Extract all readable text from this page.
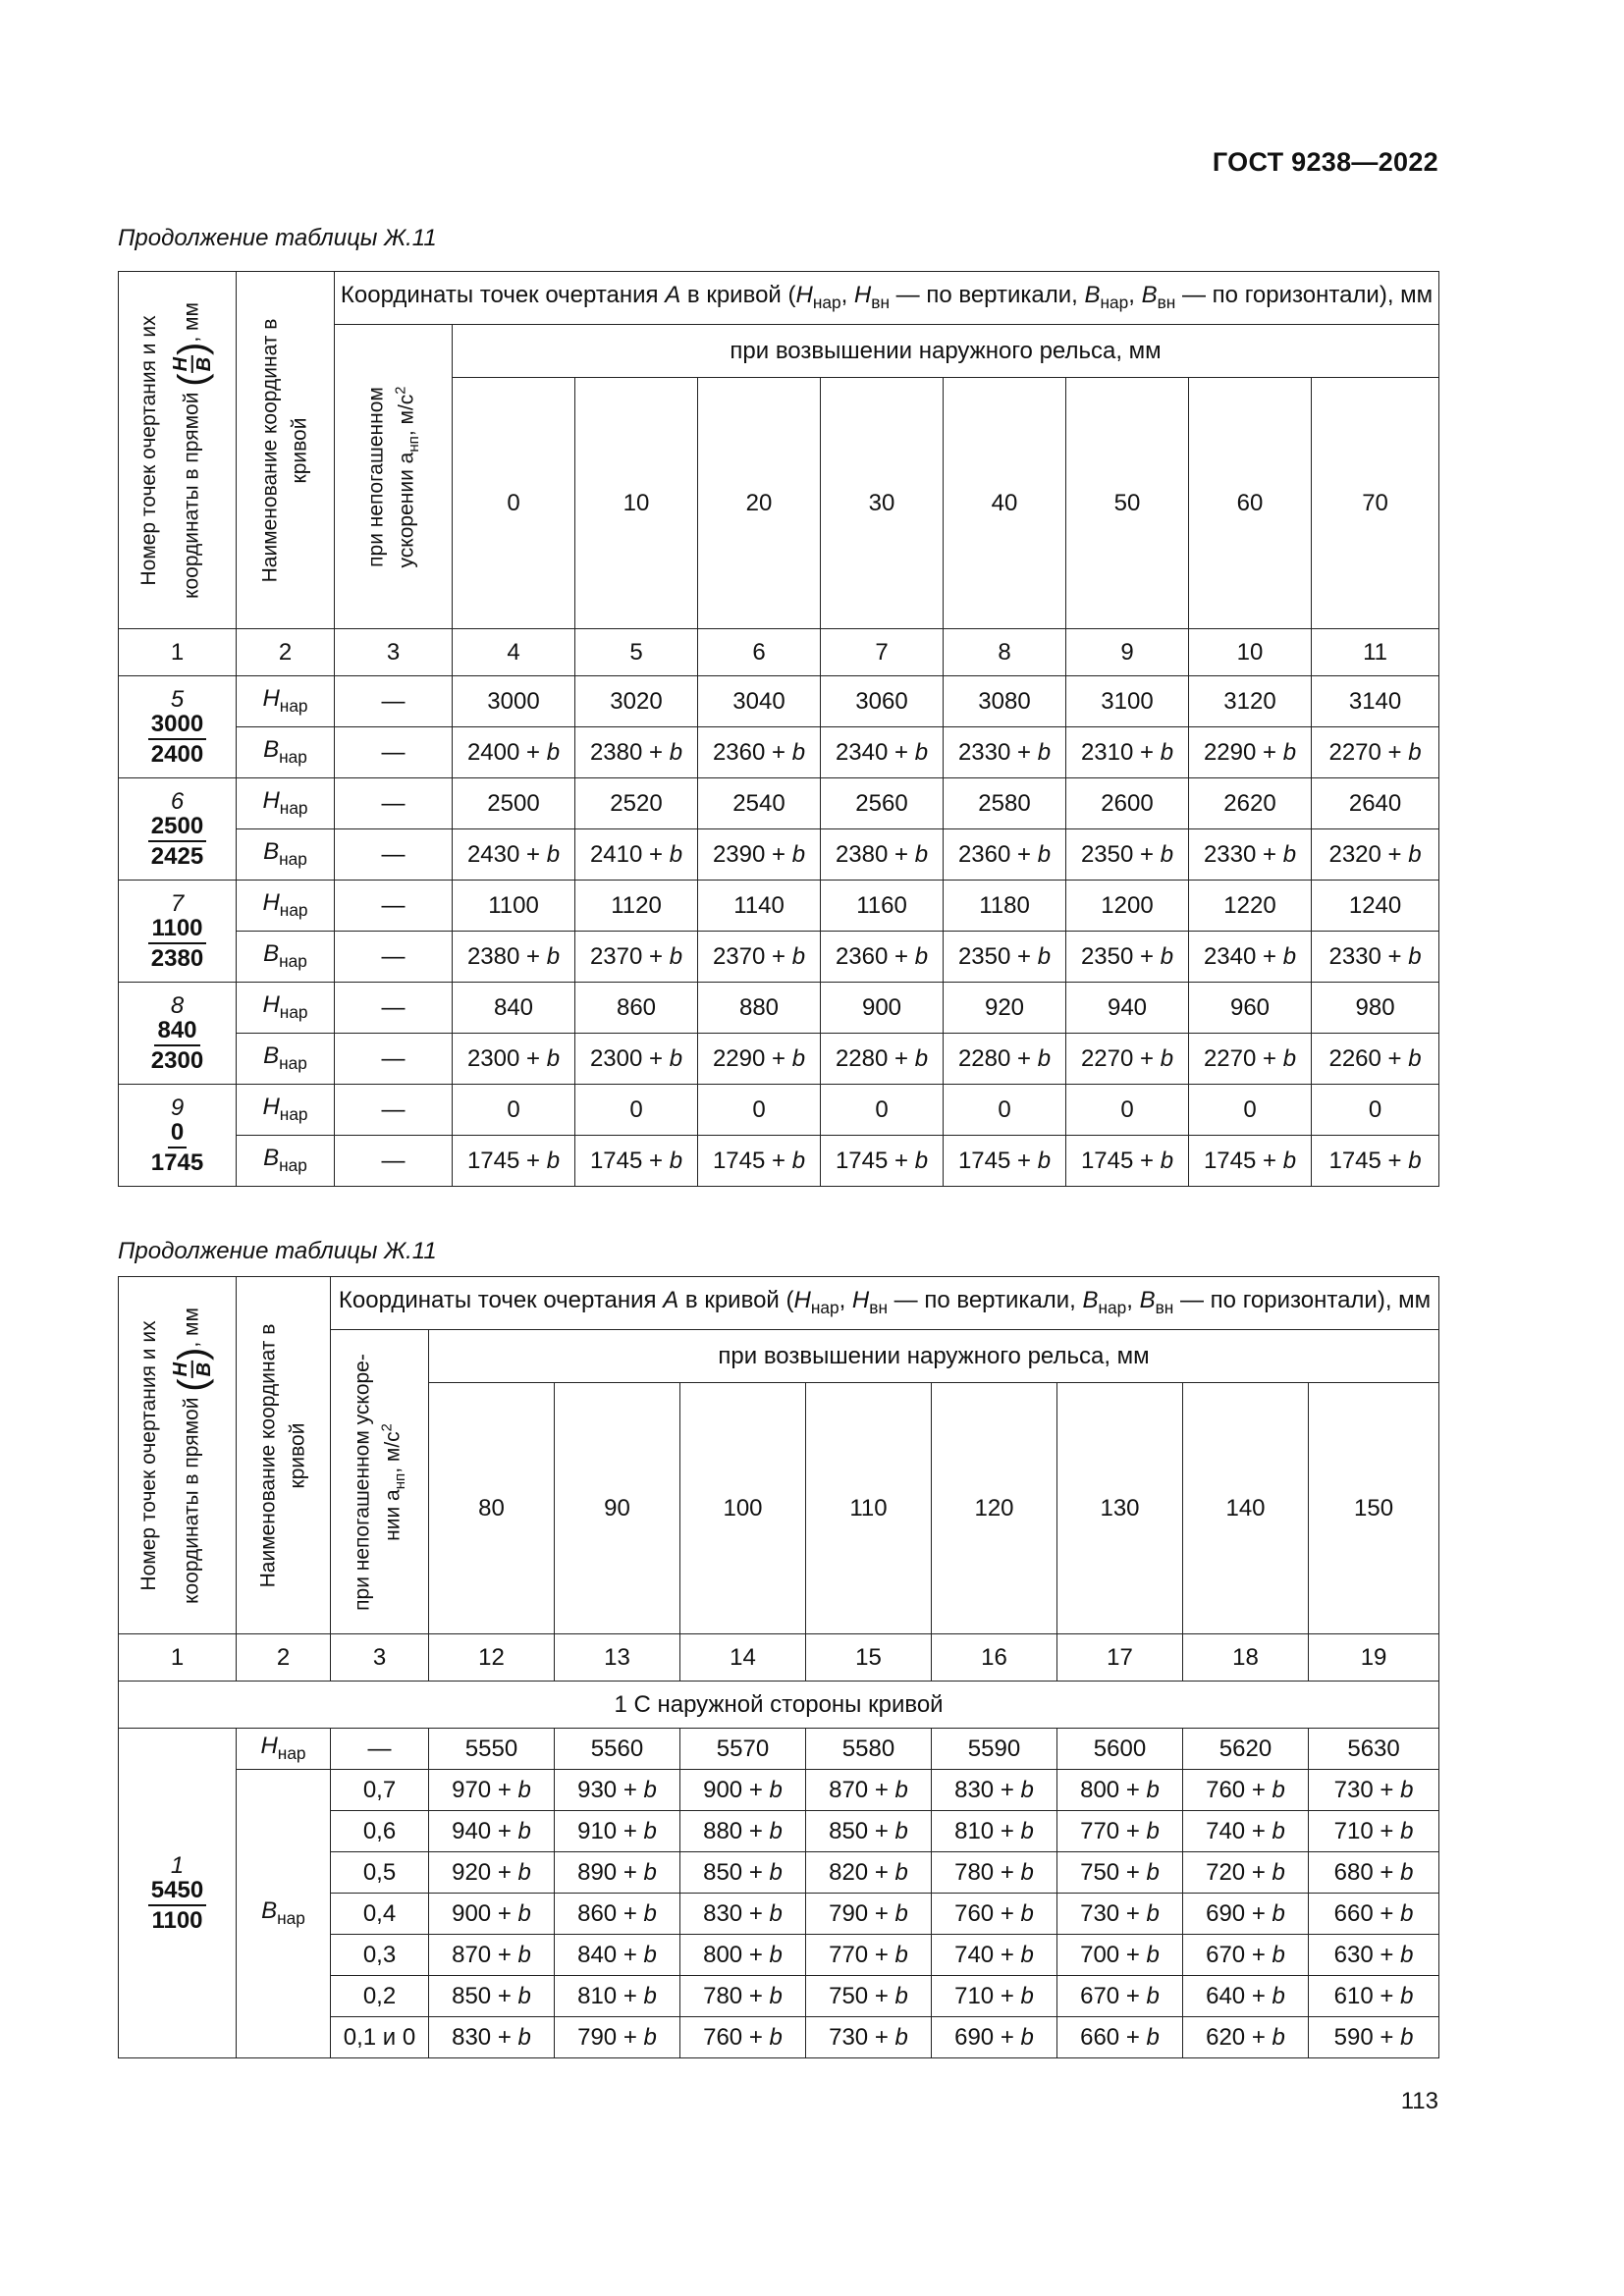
ГОСТ 9238—2022
Продолжение таблицы Ж.11
Номер точек очертания и их координаты в прямой (
H B
), мм	Наименование координат в кривой	Координаты точек очертания А в кривой ($H_{нар}$, $H_{вн}$ — по вертикали, $B_{нар}$, $B_{вн}$ — по горизонтали), мм								

		при непогашенном ускорении $a_{нп}$, $м/с^2$	при возвышении наружного рельса, мм							
			0	10	20	30	40	50	60	70
1	2	3	4	5	6	7	8	9	10	11

5
3000
2400	$H_{нар}$	—	3000	3020	3040	3060	3080	3100	3120	3140
	$B_{нар}$	—	2400 + b	2380 + b	2360 + b	2340 + b	2330 + b	2310 + b	2290 + b	2270 + b

6
2500
2425	$H_{нар}$	—	2500	2520	2540	2560	2580	2600	2620	2640
	$B_{нар}$	—	2430 + b	2410 + b	2390 + b	2380 + b	2360 + b	2350 + b	2330 + b	2320 + b

7
1100
2380	$H_{нар}$	—	1100	1120	1140	1160	1180	1200	1220	1240
	$B_{нар}$	—	2380 + b	2370 + b	2370 + b	2360 + b	2350 + b	2350 + b	2340 + b	2330 + b

8
840
2300	$H_{нар}$	—	840	860	880	900	920	940	960	980
	$B_{нар}$	—	2300 + b	2300 + b	2290 + b	2280 + b	2280 + b	2270 + b	2270 + b	2260 + b

9
0
1745	$H_{нар}$	—	0	0	0	0	0	0	0	0
	$B_{нар}$	—	1745 + b	1745 + b	1745 + b	1745 + b	1745 + b	1745 + b	1745 + b	1745 + b
Продолжение таблицы Ж.11
Номер точек очертания и их координаты в прямой (
H B
), мм	Наименование координат в кривой	Координаты точек очертания А в кривой ($H_{нар}$, $H_{вн}$ — по вертикали, $B_{нар}$, $B_{вн}$ — по горизонтали), мм								

		при непогашенном ускоре- нии $a_{нп}$, $м/с^2$	при возвышении наружного рельса, мм							
			80	90	100	110	120	130	140	150
1	2	3	12	13	14	15	16	17	18	19
1 С наружной стороны кривой										

1
5450
1100	$H_{нар}$	—	5550	5560	5570	5580	5590	5600	5620	5630
	$B_{нар}$	0,7	970 + b	930 + b	900 + b	870 + b	830 + b	800 + b	760 + b	730 + b
		0,6	940 + b	910 + b	880 + b	850 + b	810 + b	770 + b	740 + b	710 + b
		0,5	920 + b	890 + b	850 + b	820 + b	780 + b	750 + b	720 + b	680 + b
		0,4	900 + b	860 + b	830 + b	790 + b	760 + b	730 + b	690 + b	660 + b
		0,3	870 + b	840 + b	800 + b	770 + b	740 + b	700 + b	670 + b	630 + b
		0,2	850 + b	810 + b	780 + b	750 + b	710 + b	670 + b	640 + b	610 + b
		0,1 и 0	830 + b	790 + b	760 + b	730 + b	690 + b	660 + b	620 + b	590 + b
113
